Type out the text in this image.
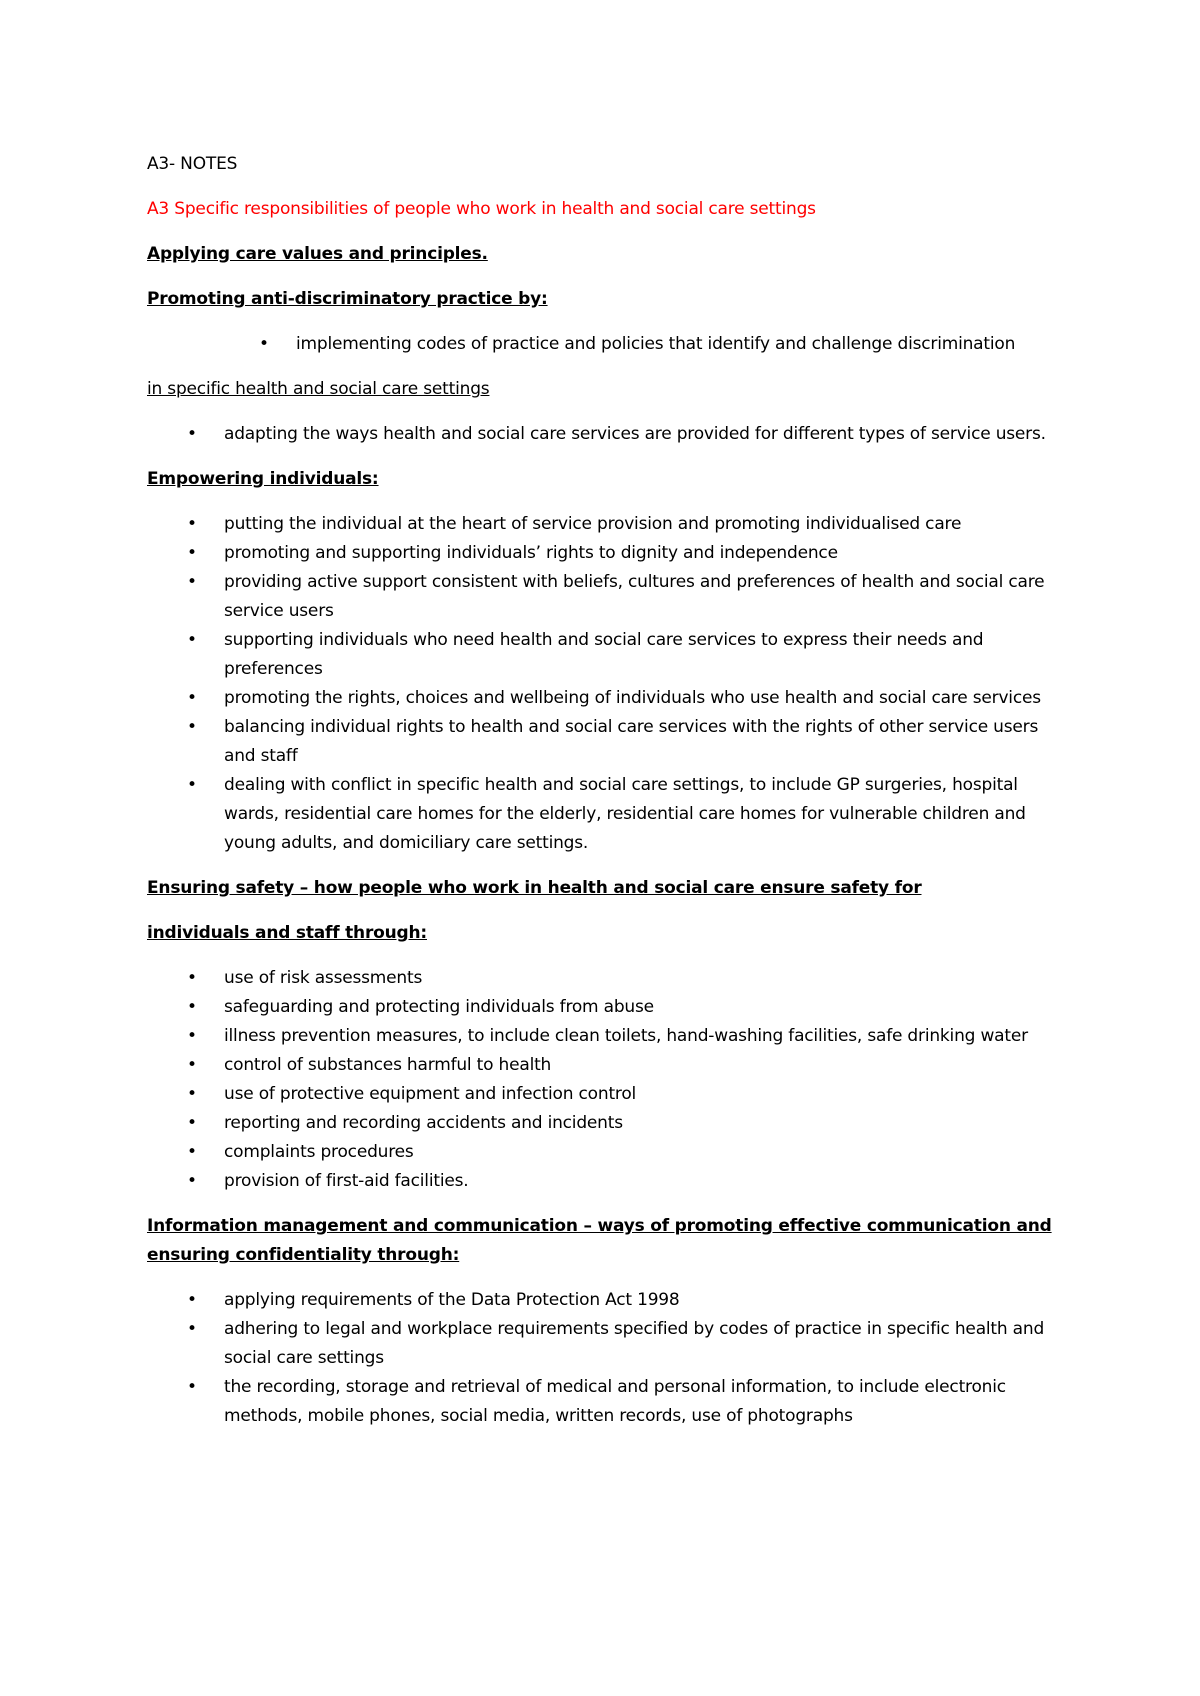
A3- NOTES

A3 Specific responsibilities of people who work in health and social care settings

Applying care values and principles.

Promoting anti-discriminatory practice by:

• implementing codes of practice and policies that identify and challenge discrimination

in specific health and social care settings

• adapting the ways health and social care services are provided for different types of service users.

Empowering individuals:

• putting the individual at the heart of service provision and promoting individualised care
• promoting and supporting individuals’ rights to dignity and independence
• providing active support consistent with beliefs, cultures and preferences of health and social care service users
• supporting individuals who need health and social care services to express their needs and preferences
• promoting the rights, choices and wellbeing of individuals who use health and social care services
• balancing individual rights to health and social care services with the rights of other service users and staff
• dealing with conflict in specific health and social care settings, to include GP surgeries, hospital wards, residential care homes for the elderly, residential care homes for vulnerable children and young adults, and domiciliary care settings.

Ensuring safety – how people who work in health and social care ensure safety for

individuals and staff through:

• use of risk assessments
• safeguarding and protecting individuals from abuse
• illness prevention measures, to include clean toilets, hand-washing facilities, safe drinking water
• control of substances harmful to health
• use of protective equipment and infection control
• reporting and recording accidents and incidents
• complaints procedures
• provision of first-aid facilities.

Information management and communication – ways of promoting effective communication and ensuring confidentiality through:

• applying requirements of the Data Protection Act 1998
• adhering to legal and workplace requirements specified by codes of practice in specific health and social care settings
• the recording, storage and retrieval of medical and personal information, to include electronic methods, mobile phones, social media, written records, use of photographs
